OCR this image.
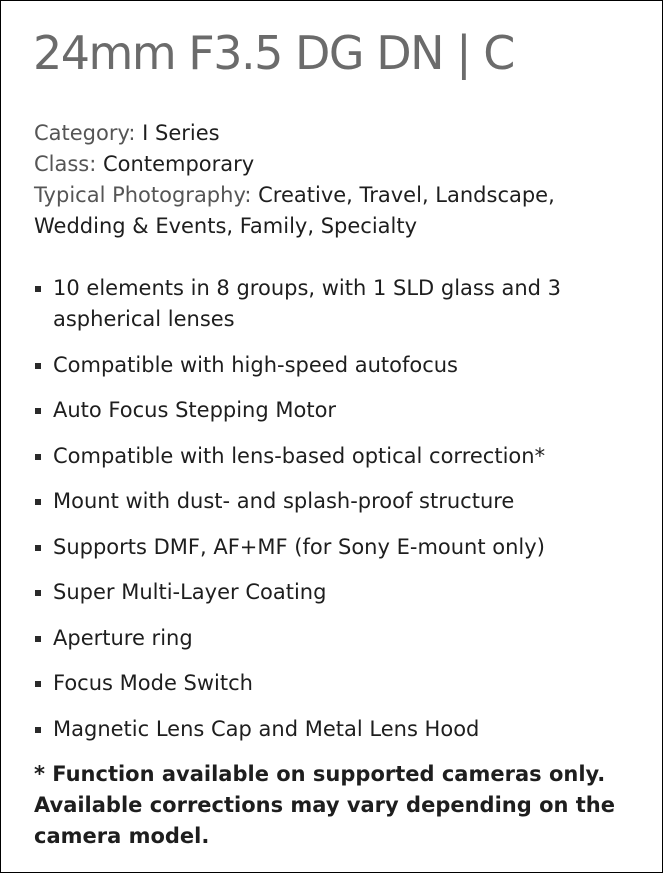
24mm F3.5 DG DN | C
Category: I Series
Class: Contemporary
Typical Photography: Creative, Travel, Landscape, Wedding & Events, Family, Specialty
10 elements in 8 groups, with 1 SLD glass and 3 aspherical lenses
Compatible with high-speed autofocus
Auto Focus Stepping Motor
Compatible with lens-based optical correction*
Mount with dust- and splash-proof structure
Supports DMF, AF+MF (for Sony E-mount only)
Super Multi-Layer Coating
Aperture ring
Focus Mode Switch
Magnetic Lens Cap and Metal Lens Hood
* Function available on supported cameras only. Available corrections may vary depending on the camera model.
